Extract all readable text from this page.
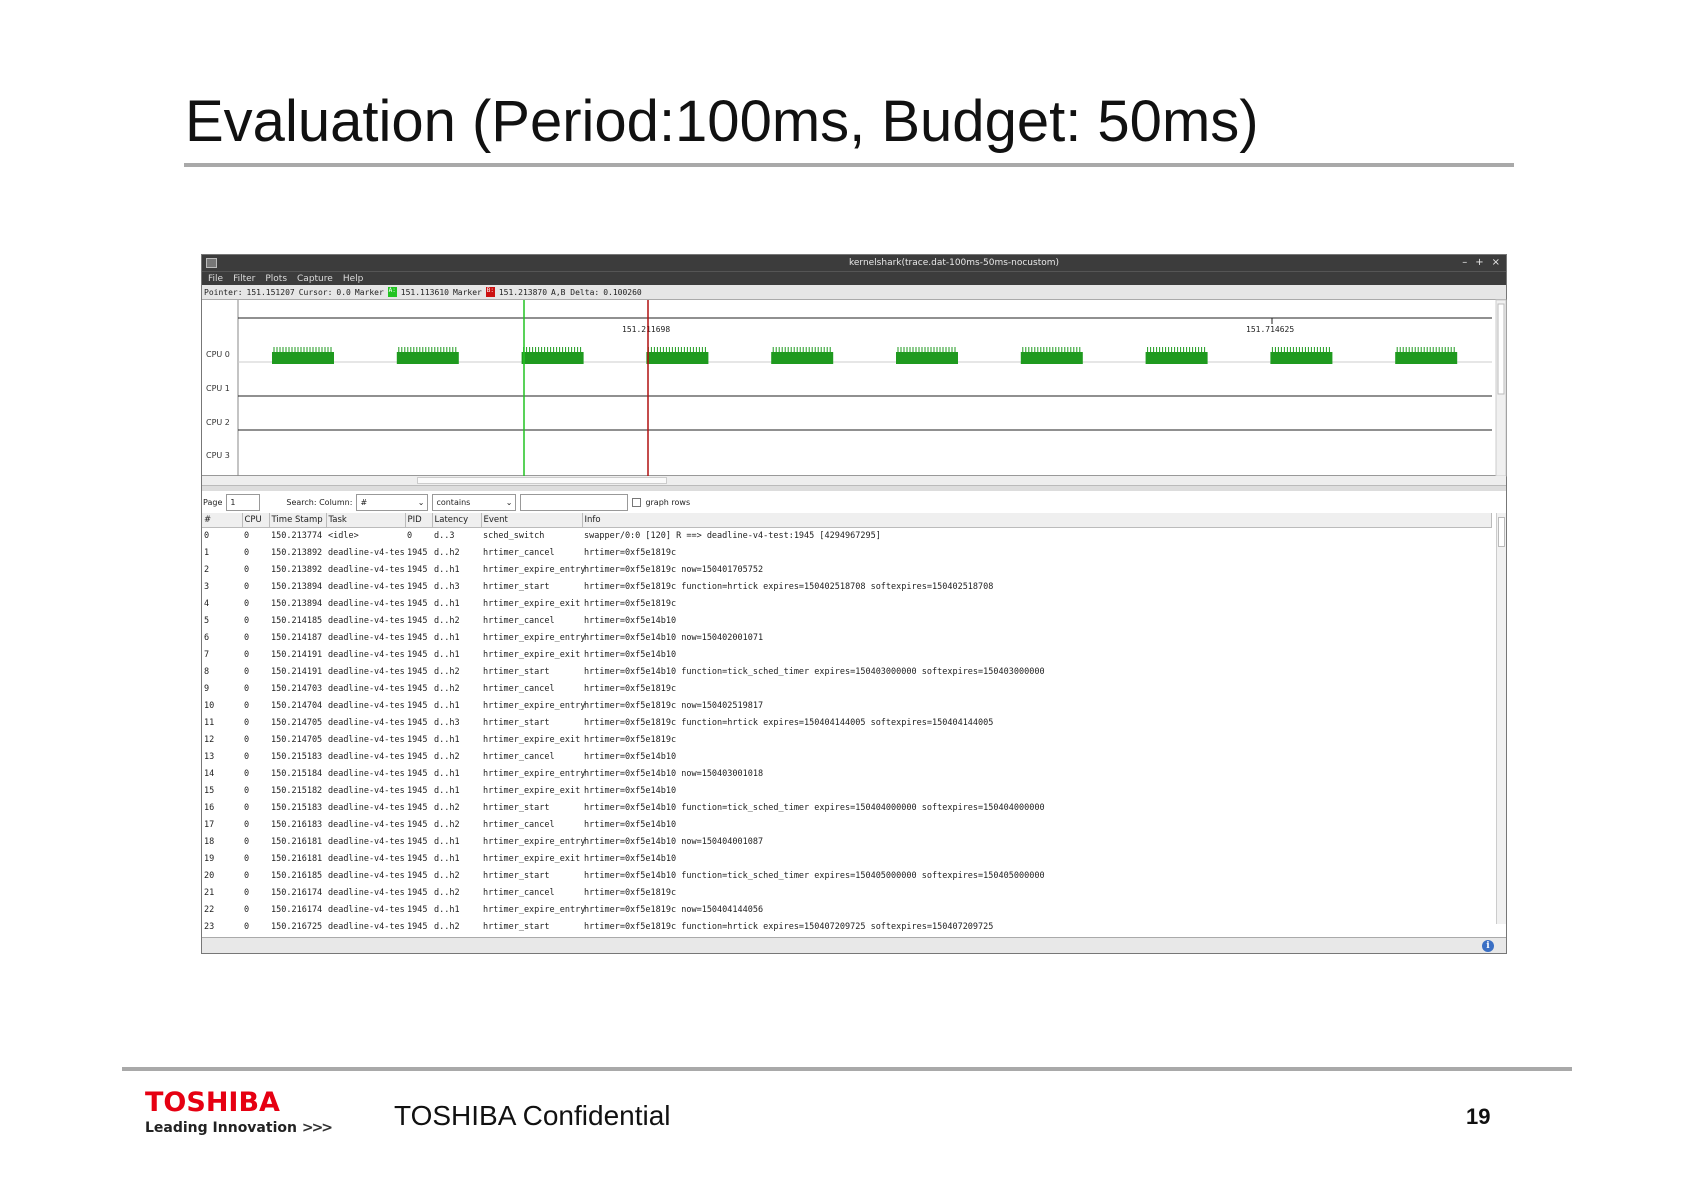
Evaluation (Period:100ms, Budget: 50ms)
kernelshark(trace.dat-100ms-50ms-nocustom)	– + ×
File Filter Plots Capture Help
Pointer: 151.151207 Cursor: 0.0 Marker A: 151.113610 Marker B: 151.213870 A,B Delta: 0.100260
151.211698	151.714625
CPU 0
CPU 1
CPU 2
CPU 3
Page 1	Search: Column: #	⌄ contains	⌄	graph rows
#	CPU	Time Stamp	Task	PID	Latency	Event	Info
0	0	150.213774	<idle>	0	d..3	sched_switch	swapper/0:0 [120] R ==> deadline-v4-test:1945 [4294967295]
1	0	150.213892	deadline-v4-tes	1945	d..h2	hrtimer_cancel	hrtimer=0xf5e1819c
2	0	150.213892	deadline-v4-tes	1945	d..h1	hrtimer_expire_entry	hrtimer=0xf5e1819c now=150401705752
3	0	150.213894	deadline-v4-tes	1945	d..h3	hrtimer_start	hrtimer=0xf5e1819c function=hrtick expires=150402518708 softexpires=150402518708
4	0	150.213894	deadline-v4-tes	1945	d..h1	hrtimer_expire_exit	hrtimer=0xf5e1819c
5	0	150.214185	deadline-v4-tes	1945	d..h2	hrtimer_cancel	hrtimer=0xf5e14b10
6	0	150.214187	deadline-v4-tes	1945	d..h1	hrtimer_expire_entry	hrtimer=0xf5e14b10 now=150402001071
7	0	150.214191	deadline-v4-tes	1945	d..h1	hrtimer_expire_exit	hrtimer=0xf5e14b10
8	0	150.214191	deadline-v4-tes	1945	d..h2	hrtimer_start	hrtimer=0xf5e14b10 function=tick_sched_timer expires=150403000000 softexpires=150403000000
9	0	150.214703	deadline-v4-tes	1945	d..h2	hrtimer_cancel	hrtimer=0xf5e1819c
10	0	150.214704	deadline-v4-tes	1945	d..h1	hrtimer_expire_entry	hrtimer=0xf5e1819c now=150402519817
11	0	150.214705	deadline-v4-tes	1945	d..h3	hrtimer_start	hrtimer=0xf5e1819c function=hrtick expires=150404144005 softexpires=150404144005
12	0	150.214705	deadline-v4-tes	1945	d..h1	hrtimer_expire_exit	hrtimer=0xf5e1819c
13	0	150.215183	deadline-v4-tes	1945	d..h2	hrtimer_cancel	hrtimer=0xf5e14b10
14	0	150.215184	deadline-v4-tes	1945	d..h1	hrtimer_expire_entry	hrtimer=0xf5e14b10 now=150403001018
15	0	150.215182	deadline-v4-tes	1945	d..h1	hrtimer_expire_exit	hrtimer=0xf5e14b10
16	0	150.215183	deadline-v4-tes	1945	d..h2	hrtimer_start	hrtimer=0xf5e14b10 function=tick_sched_timer expires=150404000000 softexpires=150404000000
17	0	150.216183	deadline-v4-tes	1945	d..h2	hrtimer_cancel	hrtimer=0xf5e14b10
18	0	150.216181	deadline-v4-tes	1945	d..h1	hrtimer_expire_entry	hrtimer=0xf5e14b10 now=150404001087
19	0	150.216181	deadline-v4-tes	1945	d..h1	hrtimer_expire_exit	hrtimer=0xf5e14b10
20	0	150.216185	deadline-v4-tes	1945	d..h2	hrtimer_start	hrtimer=0xf5e14b10 function=tick_sched_timer expires=150405000000 softexpires=150405000000
21	0	150.216174	deadline-v4-tes	1945	d..h2	hrtimer_cancel	hrtimer=0xf5e1819c
22	0	150.216174	deadline-v4-tes	1945	d..h1	hrtimer_expire_entry	hrtimer=0xf5e1819c now=150404144056
23	0	150.216725	deadline-v4-tes	1945	d..h2	hrtimer_start	hrtimer=0xf5e1819c function=hrtick expires=150407209725 softexpires=150407209725
i
TOSHIBA
Leading Innovation >>> TOSHIBA Confidential	19
